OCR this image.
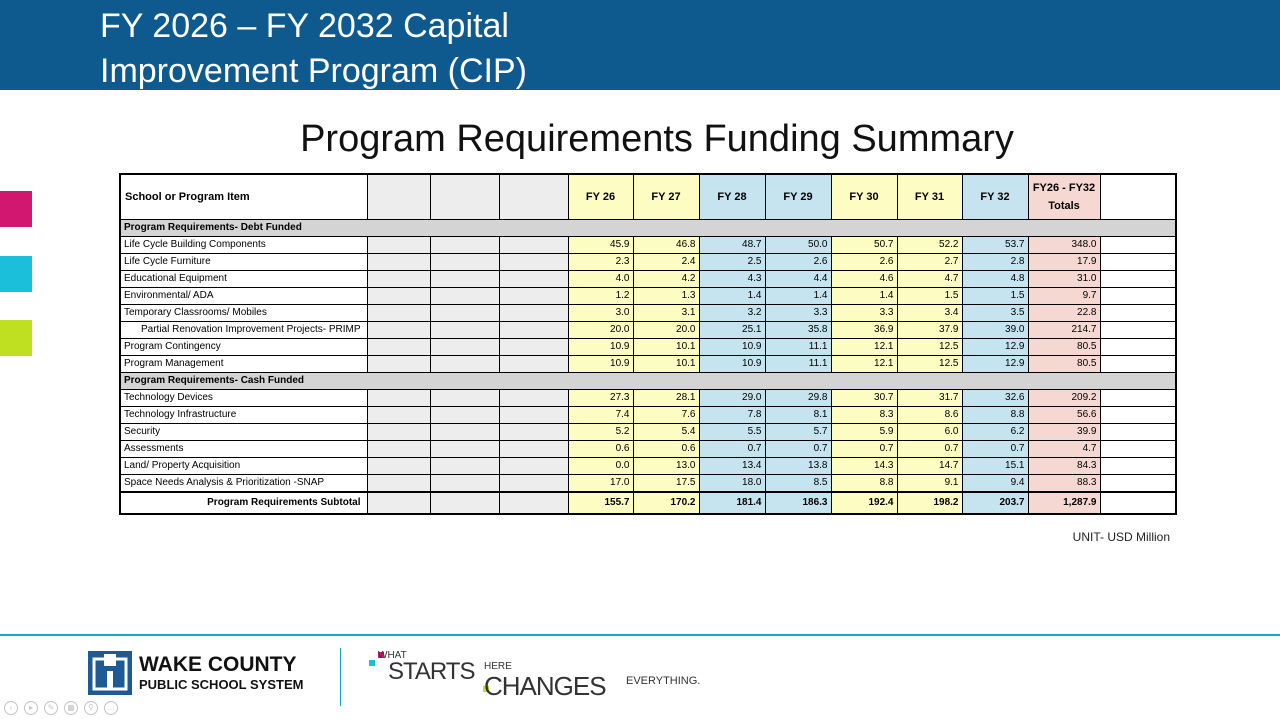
FY 2026 – FY 2032 Capital
Improvement Program (CIP)
Program Requirements Funding Summary
School or Program Item				FY 26	FY 27	FY 28	FY 29	FY 30	FY 31	FY 32	FY26 - FY32
Totals	

Program Requirements- Debt Funded												
Life Cycle Building Components				45.9	46.8	48.7	50.0	50.7	52.2	53.7	348.0	
Life Cycle Furniture				2.3	2.4	2.5	2.6	2.6	2.7	2.8	17.9	
Educational Equipment				4.0	4.2	4.3	4.4	4.6	4.7	4.8	31.0	
Environmental/ ADA				1.2	1.3	1.4	1.4	1.4	1.5	1.5	9.7	
Temporary Classrooms/ Mobiles				3.0	3.1	3.2	3.3	3.3	3.4	3.5	22.8	
Partial Renovation Improvement Projects- PRIMP				20.0	20.0	25.1	35.8	36.9	37.9	39.0	214.7	
Program Contingency				10.9	10.1	10.9	11.1	12.1	12.5	12.9	80.5	
Program Management				10.9	10.1	10.9	11.1	12.1	12.5	12.9	80.5	
Program Requirements- Cash Funded												
Technology Devices				27.3	28.1	29.0	29.8	30.7	31.7	32.6	209.2	
Technology Infrastructure				7.4	7.6	7.8	8.1	8.3	8.6	8.8	56.6	
Security				5.2	5.4	5.5	5.7	5.9	6.0	6.2	39.9	
Assessments				0.6	0.6	0.7	0.7	0.7	0.7	0.7	4.7	
Land/ Property Acquisition				0.0	13.0	13.4	13.8	14.3	14.7	15.1	84.3	
Space Needs Analysis & Prioritization -SNAP				17.0	17.5	18.0	8.5	8.8	9.1	9.4	88.3	
Program Requirements Subtotal				155.7	170.2	181.4	186.3	192.4	198.2	203.7	1,287.9	
UNIT- USD Million
WAKE COUNTY
PUBLIC SCHOOL SYSTEM
WHAT
STARTS HERE
CHANGES EVERYTHING.
‹	▸	✎	▦	⚲	…
